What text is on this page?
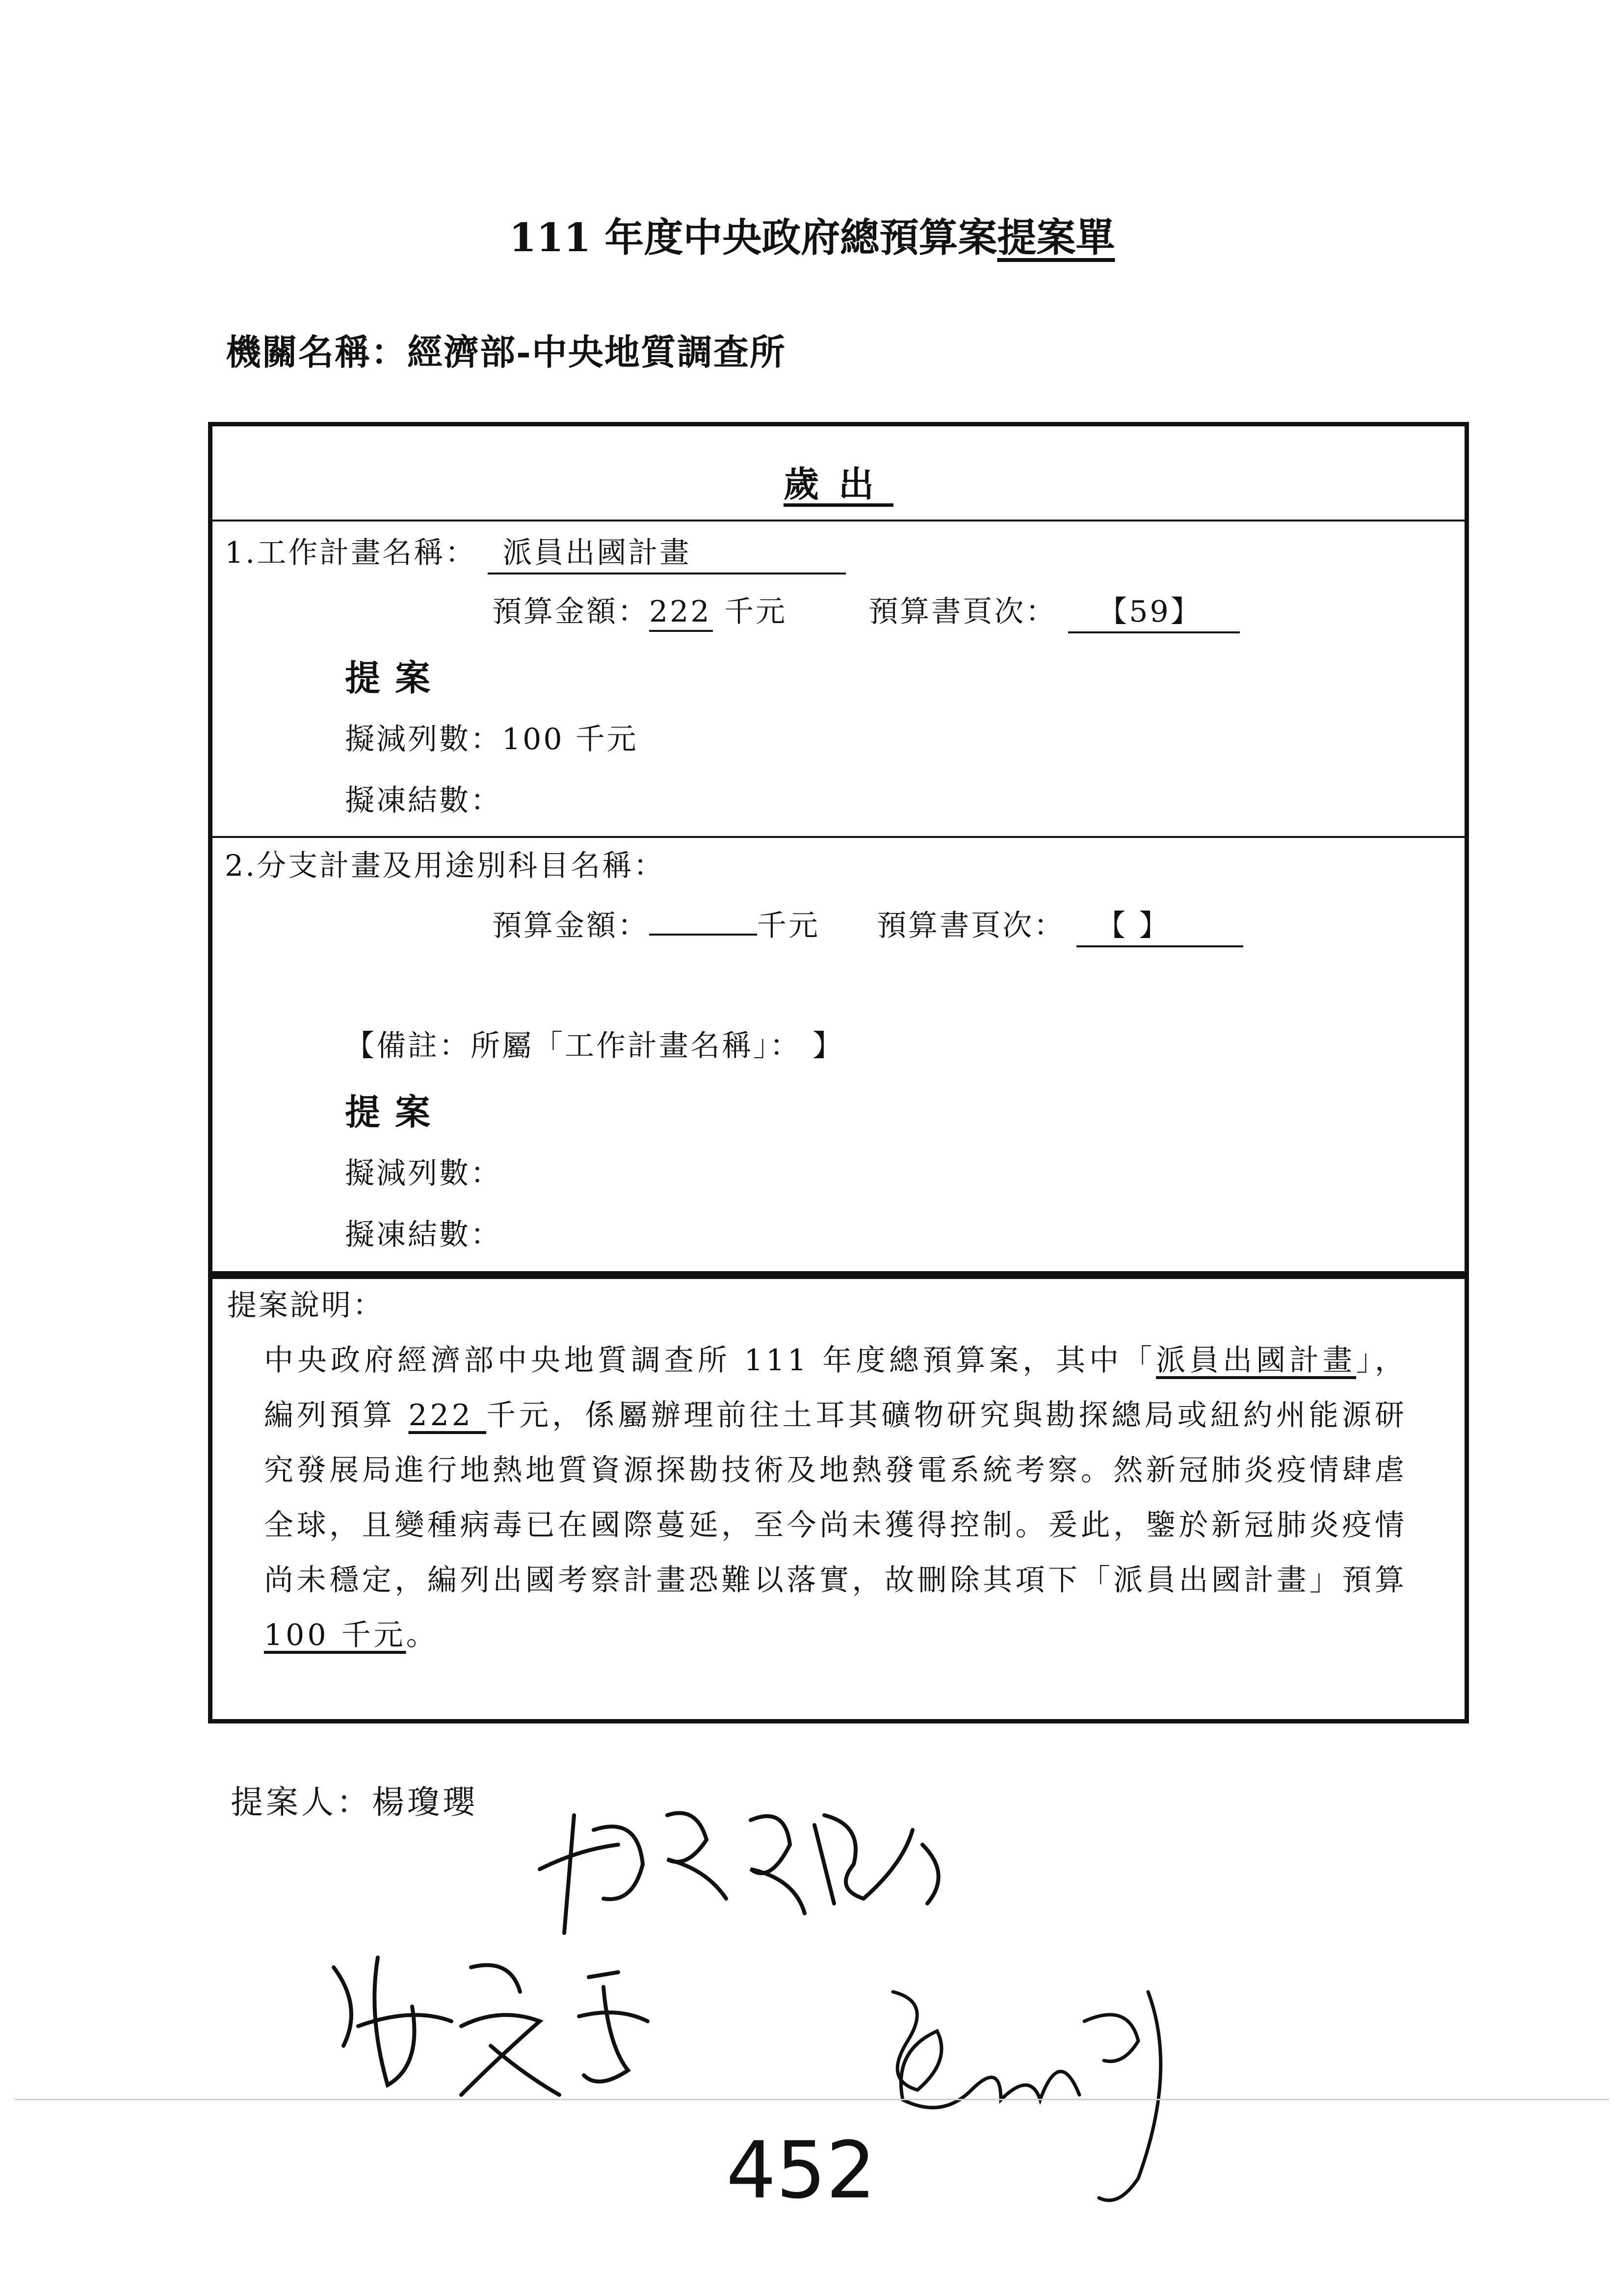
111 年度中央政府總預算案提案單
機關名稱：經濟部-中央地質調查所
歲出
1.工作計畫名稱： 派員出國計畫
預算金額：222 千元	預算書頁次： 【59】
提案
擬減列數：100 千元
擬凍結數：
2.分支計畫及用途別科目名稱：
預算金額：	千元 預算書頁次： 【 】
【備註：所屬「工作計畫名稱」： 】
提案
擬減列數：
擬凍結數：
提案說明：
中央政府經濟部中央地質調查所 111 年度總預算案，其中「派員出國計畫」，編列預算 222 千元，係屬辦理前往土耳其礦物研究與勘探總局或紐約州能源研究發展局進行地熱地質資源探勘技術及地熱發電系統考察。然新冠肺炎疫情肆虐全球，且變種病毒已在國際蔓延，至今尚未獲得控制。爰此，鑒於新冠肺炎疫情尚未穩定，編列出國考察計畫恐難以落實，故刪除其項下「派員出國計畫」預算 100 千元。
提案人：楊瓊瓔
452
